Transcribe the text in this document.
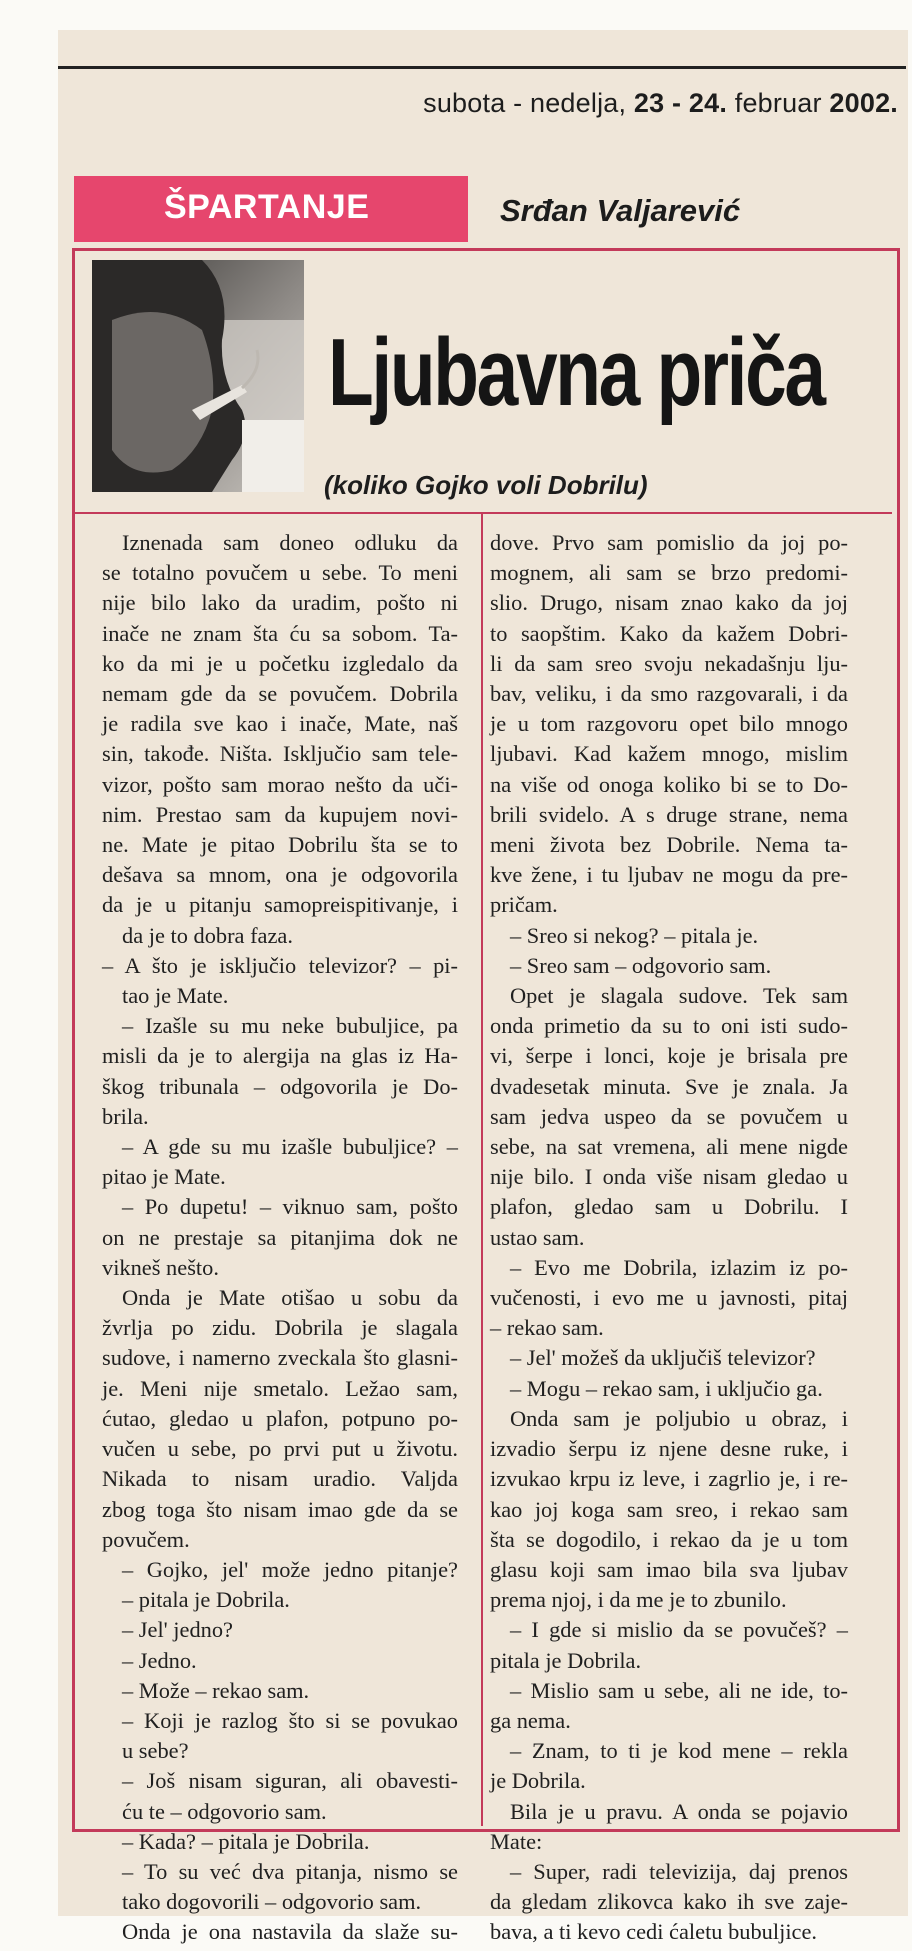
subota - nedelja, 23 - 24. februar 2002.
ŠPARTANJE	Srđan Valjarević
Ljubavna priča
(koliko Gojko voli Dobrilu)

Iznenada sam doneo odluku da

se totalno povučem u sebe. To meni

nije bilo lako da uradim, pošto ni

inače ne znam šta ću sa sobom. Ta-

ko da mi je u početku izgledalo da

nemam gde da se povučem. Dobrila

je radila sve kao i inače, Mate, naš

sin, takođe. Ništa. Isključio sam tele-

vizor, pošto sam morao nešto da uči-

nim. Prestao sam da kupujem novi-

ne. Mate je pitao Dobrilu šta se to

dešava sa mnom, ona je odgovorila

da je u pitanju samopreispitivanje, i

da je to dobra faza.

– A što je isključio televizor? – pi-

tao je Mate.

– Izašle su mu neke bubuljice, pa

misli da je to alergija na glas iz Ha-

škog tribunala – odgovorila je Do-

brila.

– A gde su mu izašle bubuljice? –

pitao je Mate.

– Po dupetu! – viknuo sam, pošto

on ne prestaje sa pitanjima dok ne

vikneš nešto.

Onda je Mate otišao u sobu da

žvrlja po zidu. Dobrila je slagala

sudove, i namerno zveckala što glasni-

je. Meni nije smetalo. Ležao sam,

ćutao, gledao u plafon, potpuno po-

vučen u sebe, po prvi put u životu.

Nikada to nisam uradio. Valjda

zbog toga što nisam imao gde da se

povučem.

– Gojko, jel' može jedno pitanje?

– pitala je Dobrila.

– Jel' jedno?

– Jedno.

– Može – rekao sam.

– Koji je razlog što si se povukao

u sebe?

– Još nisam siguran, ali obavesti-

ću te – odgovorio sam.

– Kada? – pitala je Dobrila.

– To su već dva pitanja, nismo se

tako dogovorili – odgovorio sam.

Onda je ona nastavila da slaže su-

dove. Prvo sam pomislio da joj po-

mognem, ali sam se brzo predomi-

slio. Drugo, nisam znao kako da joj

to saopštim. Kako da kažem Dobri-

li da sam sreo svoju nekadašnju lju-

bav, veliku, i da smo razgovarali, i da

je u tom razgovoru opet bilo mnogo

ljubavi. Kad kažem mnogo, mislim

na više od onoga koliko bi se to Do-

brili svidelo. A s druge strane, nema

meni života bez Dobrile. Nema ta-

kve žene, i tu ljubav ne mogu da pre-

pričam.

– Sreo si nekog? – pitala je.

– Sreo sam – odgovorio sam.

Opet je slagala sudove. Tek sam

onda primetio da su to oni isti sudo-

vi, šerpe i lonci, koje je brisala pre

dvadesetak minuta. Sve je znala. Ja

sam jedva uspeo da se povučem u

sebe, na sat vremena, ali mene nigde

nije bilo. I onda više nisam gledao u

plafon, gledao sam u Dobrilu. I

ustao sam.

– Evo me Dobrila, izlazim iz po-

vučenosti, i evo me u javnosti, pitaj

– rekao sam.

– Jel' možeš da uključiš televizor?

– Mogu – rekao sam, i uključio ga.

Onda sam je poljubio u obraz, i

izvadio šerpu iz njene desne ruke, i

izvukao krpu iz leve, i zagrlio je, i re-

kao joj koga sam sreo, i rekao sam

šta se dogodilo, i rekao da je u tom

glasu koji sam imao bila sva ljubav

prema njoj, i da me je to zbunilo.

– I gde si mislio da se povučeš? –

pitala je Dobrila.

– Mislio sam u sebe, ali ne ide, to-

ga nema.

– Znam, to ti je kod mene – rekla

je Dobrila.

Bila je u pravu. A onda se pojavio

Mate:

– Super, radi televizija, daj prenos

da gledam zlikovca kako ih sve zaje-

bava, a ti kevo cedi ćaletu bubuljice.
